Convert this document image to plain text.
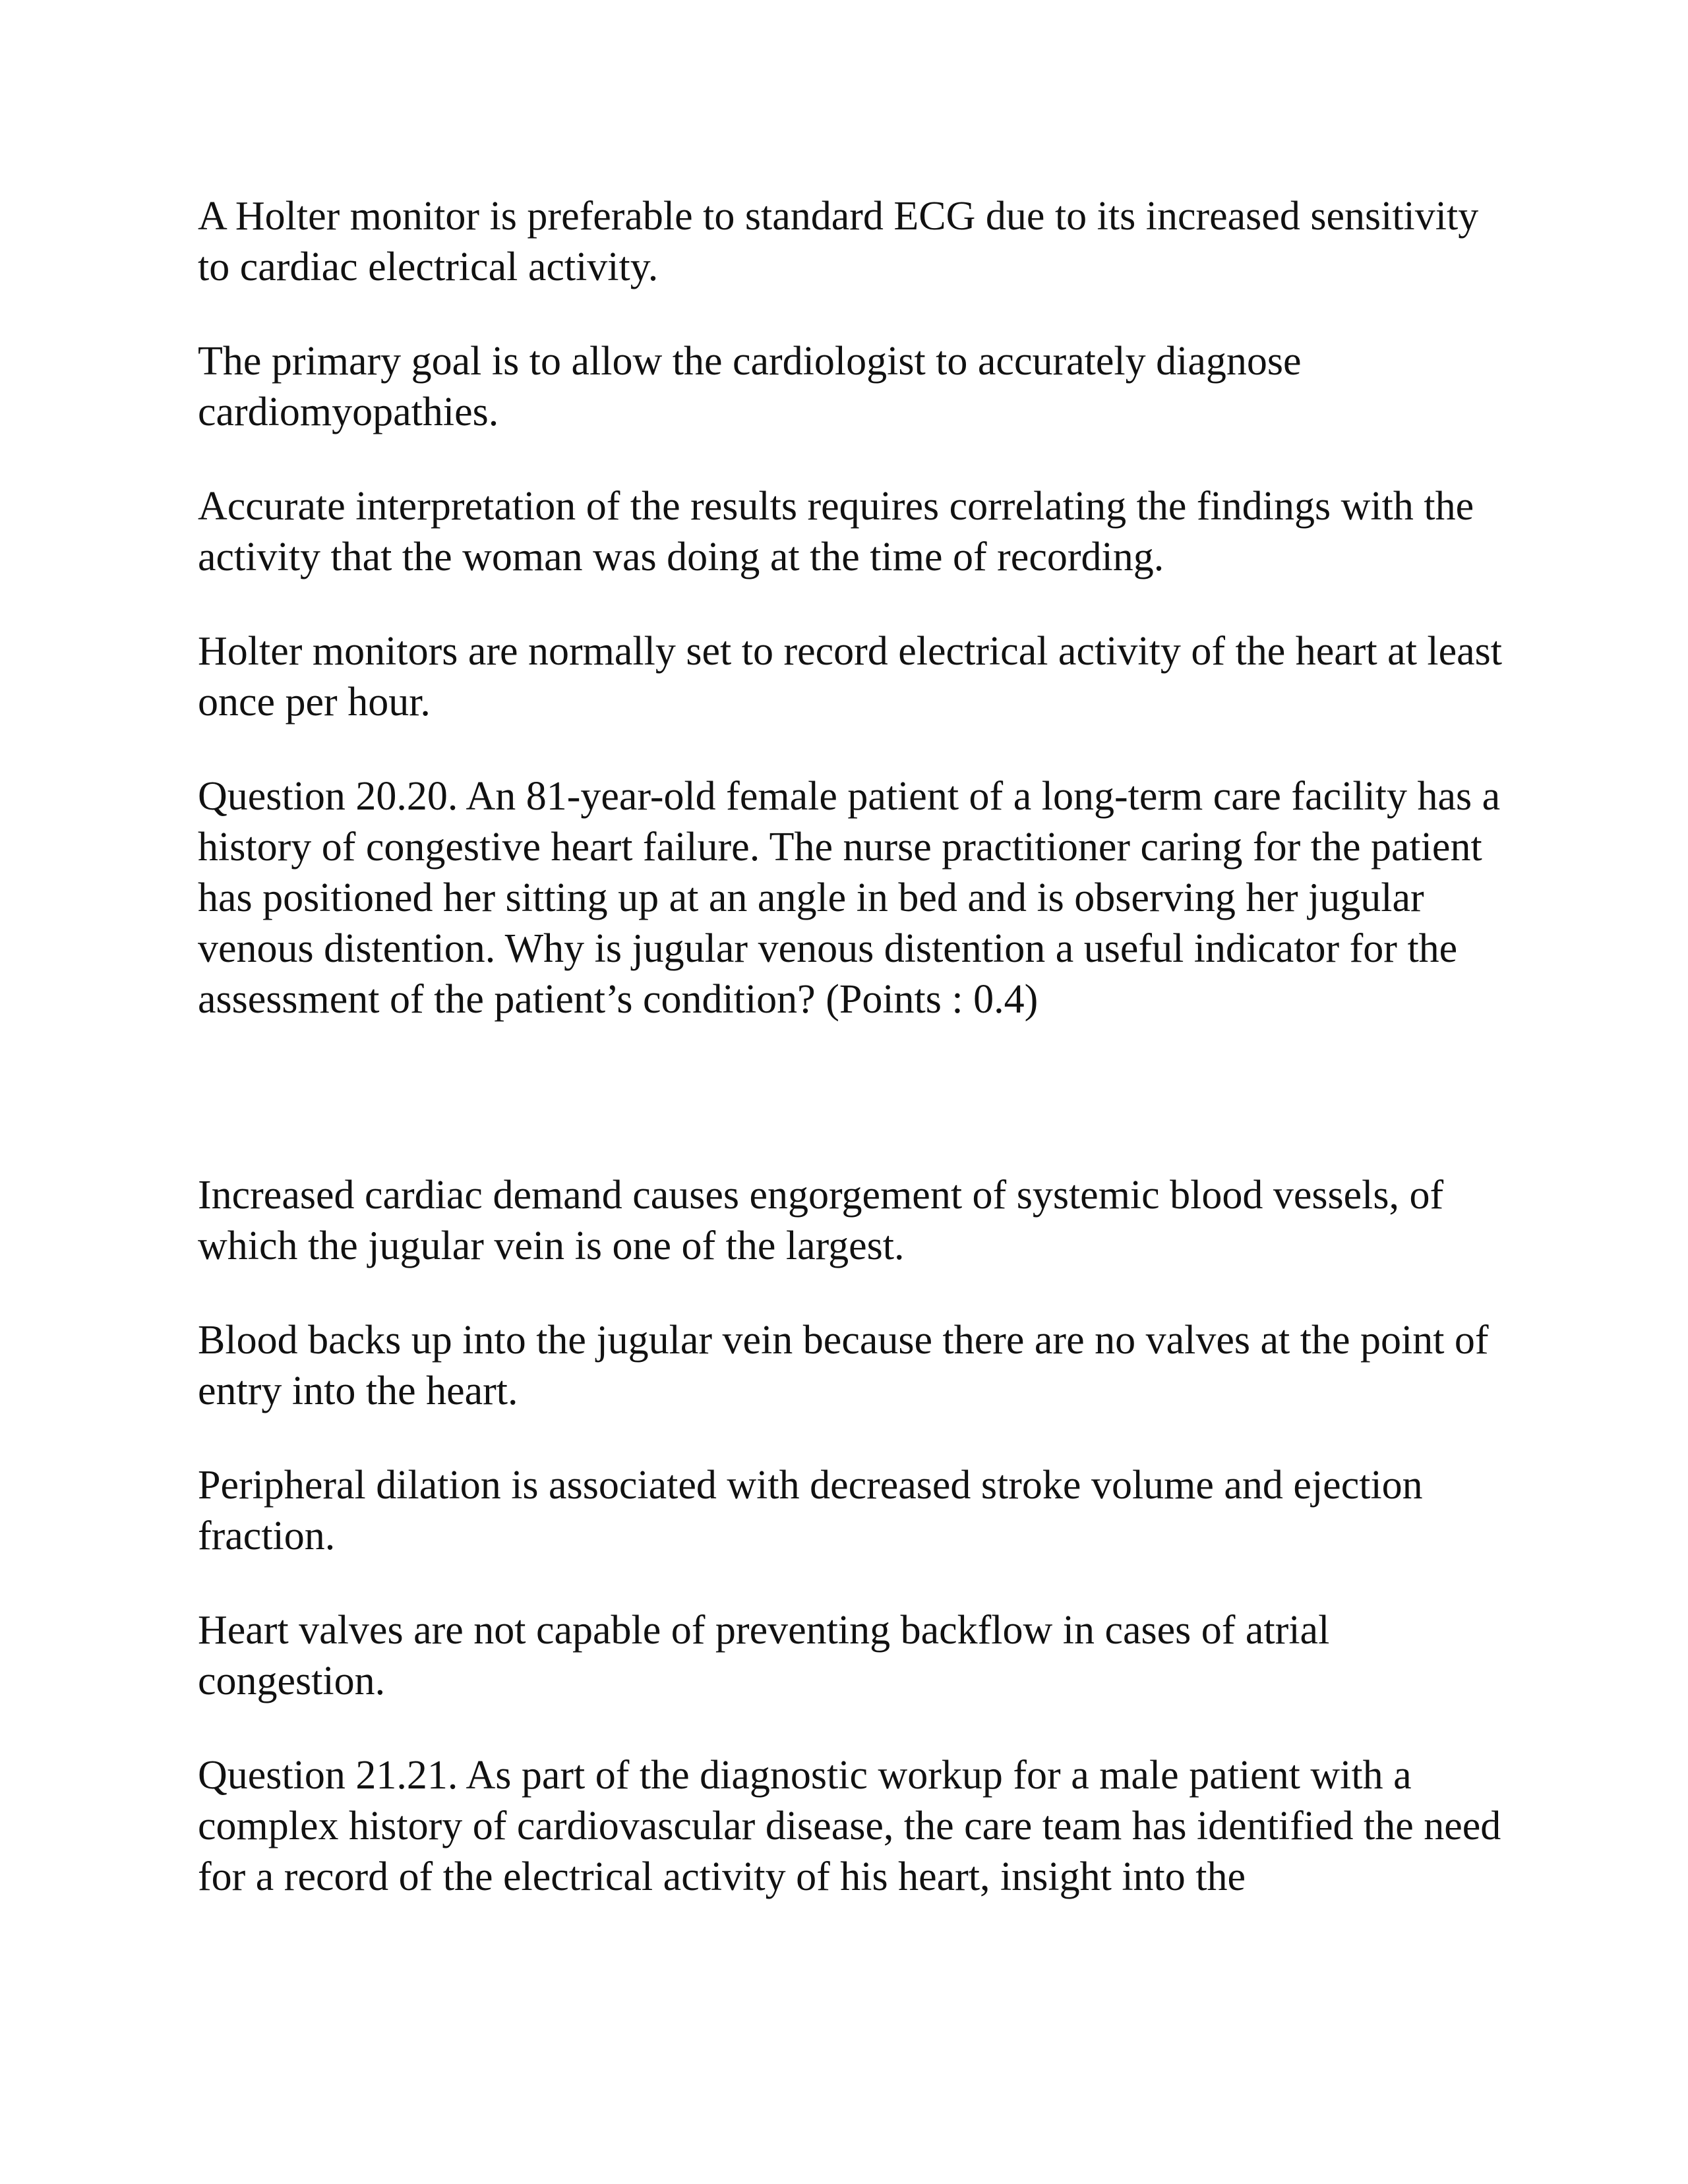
A Holter monitor is preferable to standard ECG due to its increased sensitivity to cardiac electrical activity.

The primary goal is to allow the cardiologist to accurately diagnose cardiomyopathies.

Accurate interpretation of the results requires correlating the findings with the activity that the woman was doing at the time of recording.

Holter monitors are normally set to record electrical activity of the heart at least once per hour.

Question 20.20. An 81-year-old female patient of a long-term care facility has a history of congestive heart failure. The nurse practitioner caring for the patient has positioned her sitting up at an angle in bed and is observing her jugular venous distention. Why is jugular venous distention a useful indicator for the assessment of the patient’s condition? (Points : 0.4)

Increased cardiac demand causes engorgement of systemic blood vessels, of which the jugular vein is one of the largest.

Blood backs up into the jugular vein because there are no valves at the point of entry into the heart.

Peripheral dilation is associated with decreased stroke volume and ejection fraction.

Heart valves are not capable of preventing backflow in cases of atrial congestion.

Question 21.21. As part of the diagnostic workup for a male patient with a complex history of cardiovascular disease, the care team has identified the need for a record of the electrical activity of his heart, insight into the
